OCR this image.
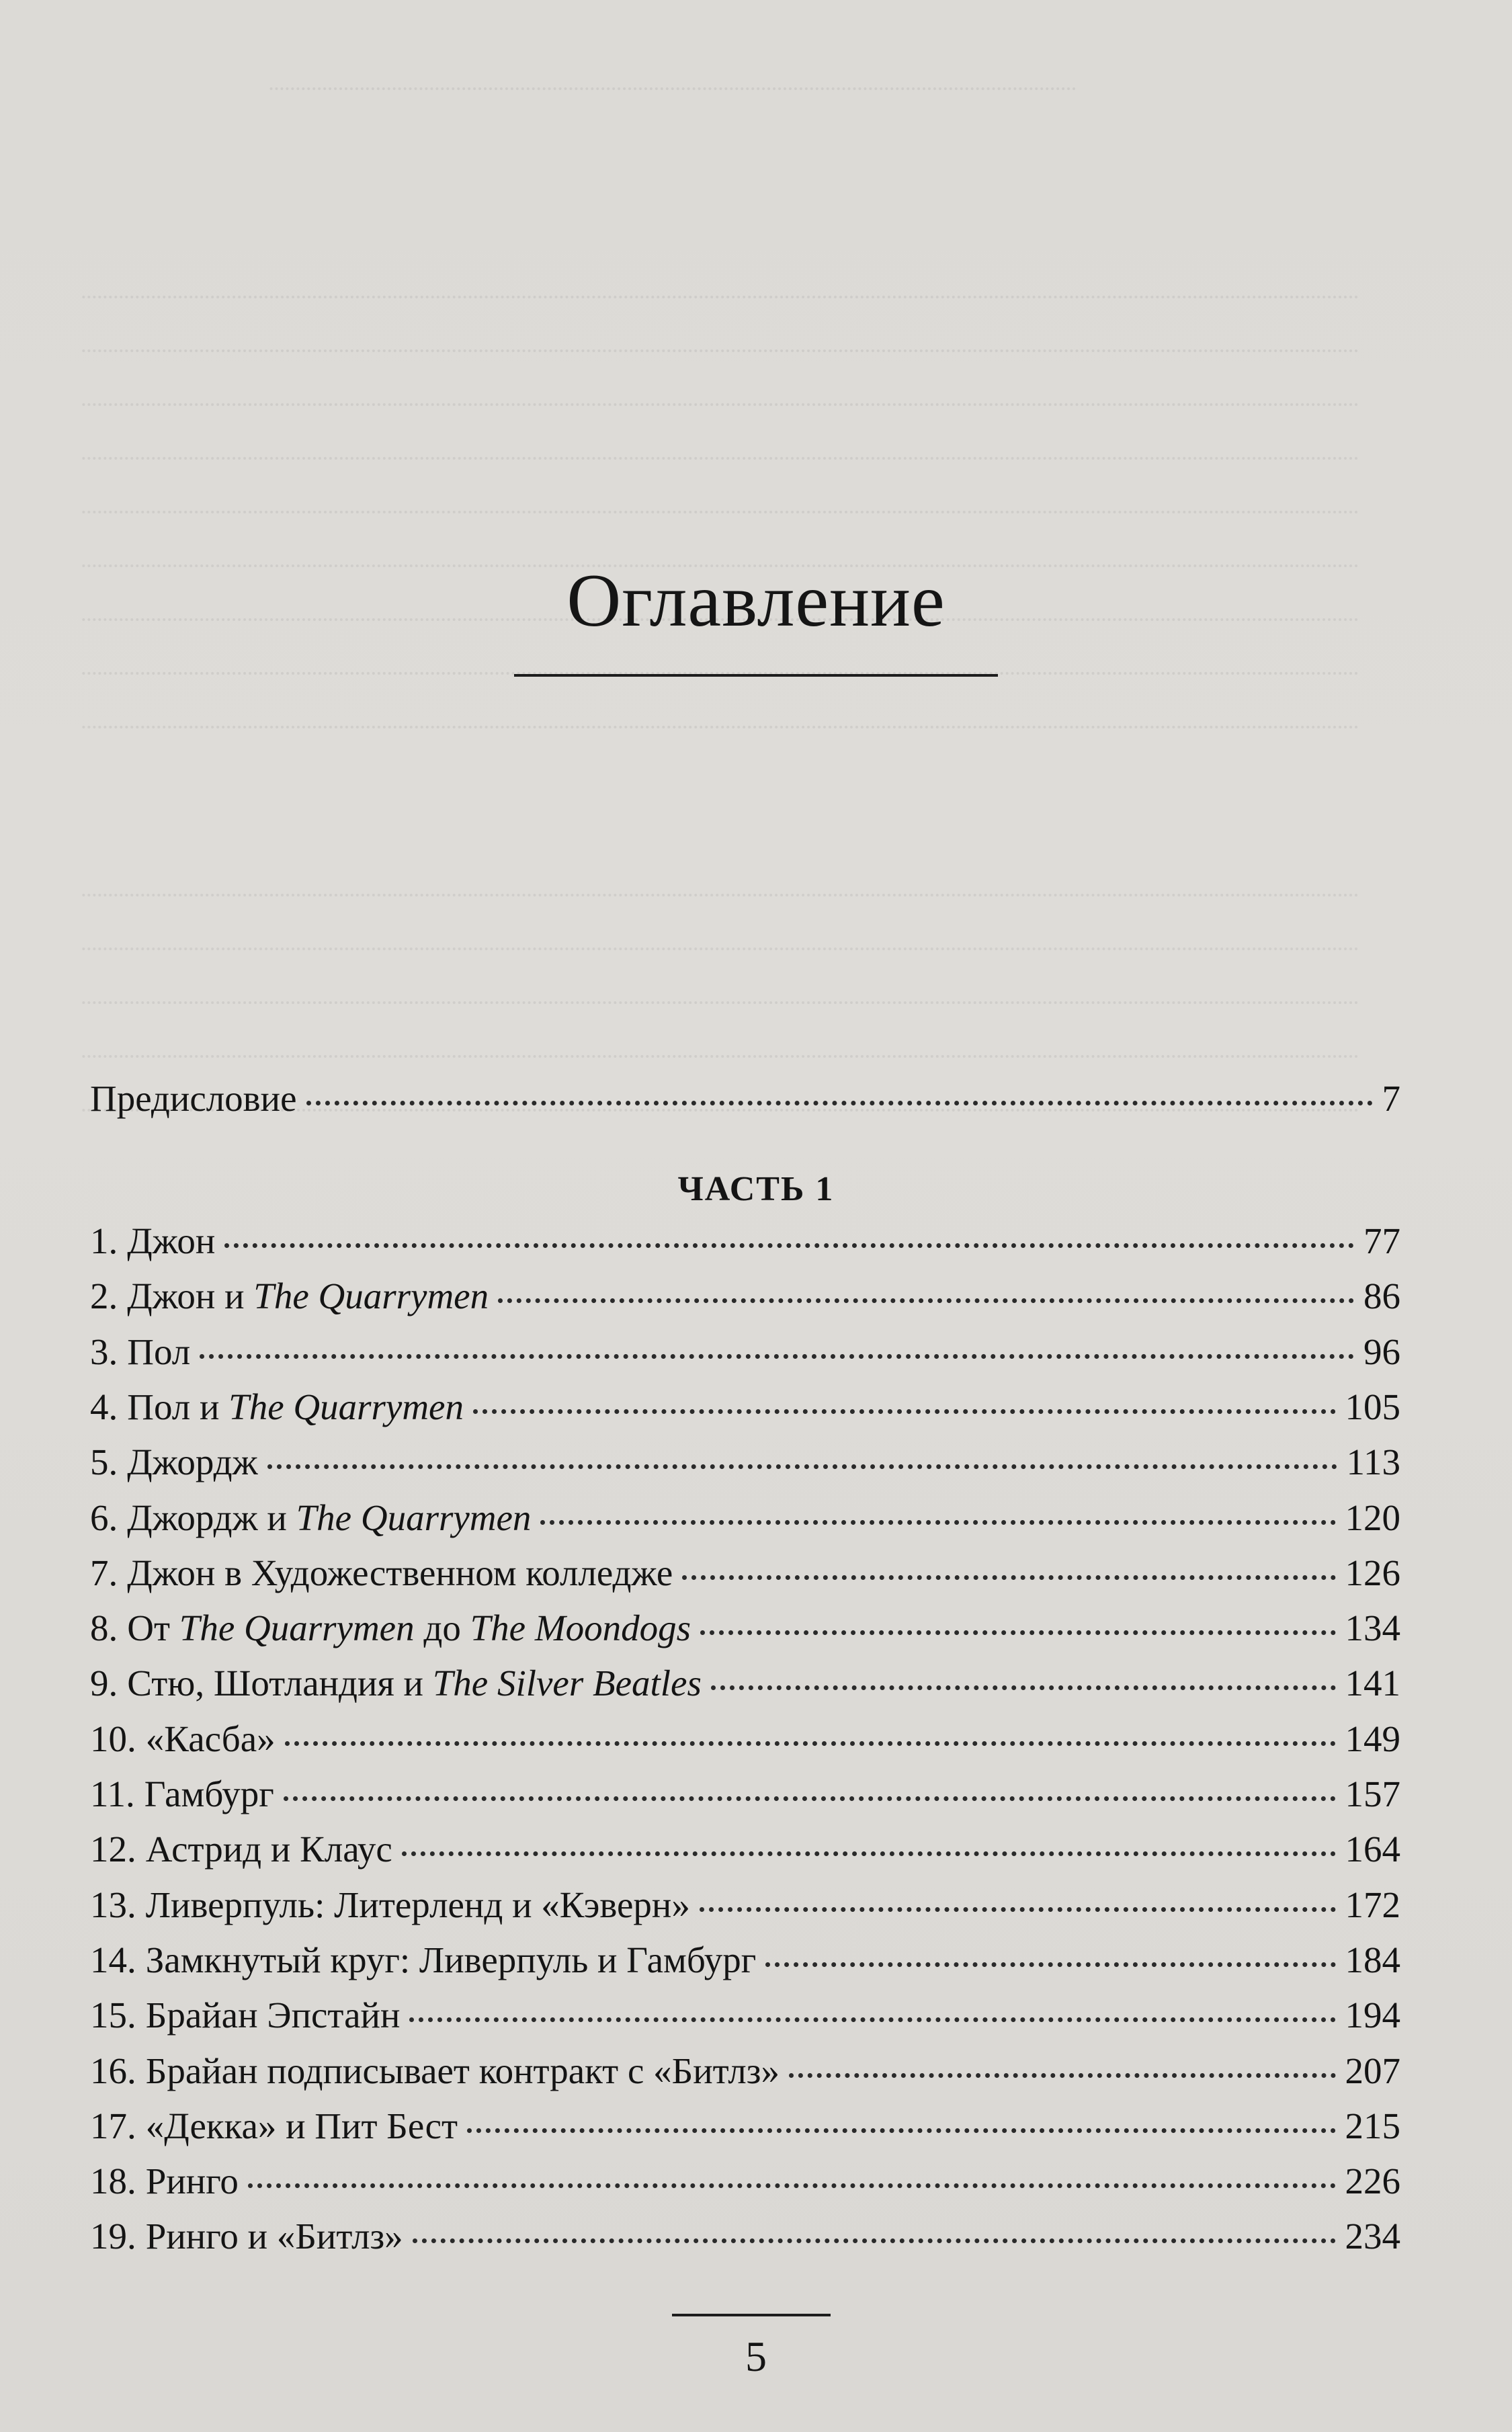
Оглавление
Предисловие	7
ЧАСТЬ 1
1. Джон	77
2. Джон и The Quarrymen	86
3. Пол	96
4. Пол и The Quarrymen	105
5. Джордж	113
6. Джордж и The Quarrymen	120
7. Джон в Художественном колледже	126
8. От The Quarrymen до The Moondogs	134
9. Стю, Шотландия и The Silver Beatles	141
10. «Касба»	149
11. Гамбург	157
12. Астрид и Клаус	164
13. Ливерпуль: Литерленд и «Кэверн»	172
14. Замкнутый круг: Ливерпуль и Гамбург	184
15. Брайан Эпстайн	194
16. Брайан подписывает контракт с «Битлз»	207
17. «Декка» и Пит Бест	215
18. Ринго	226
19. Ринго и «Битлз»	234
5
